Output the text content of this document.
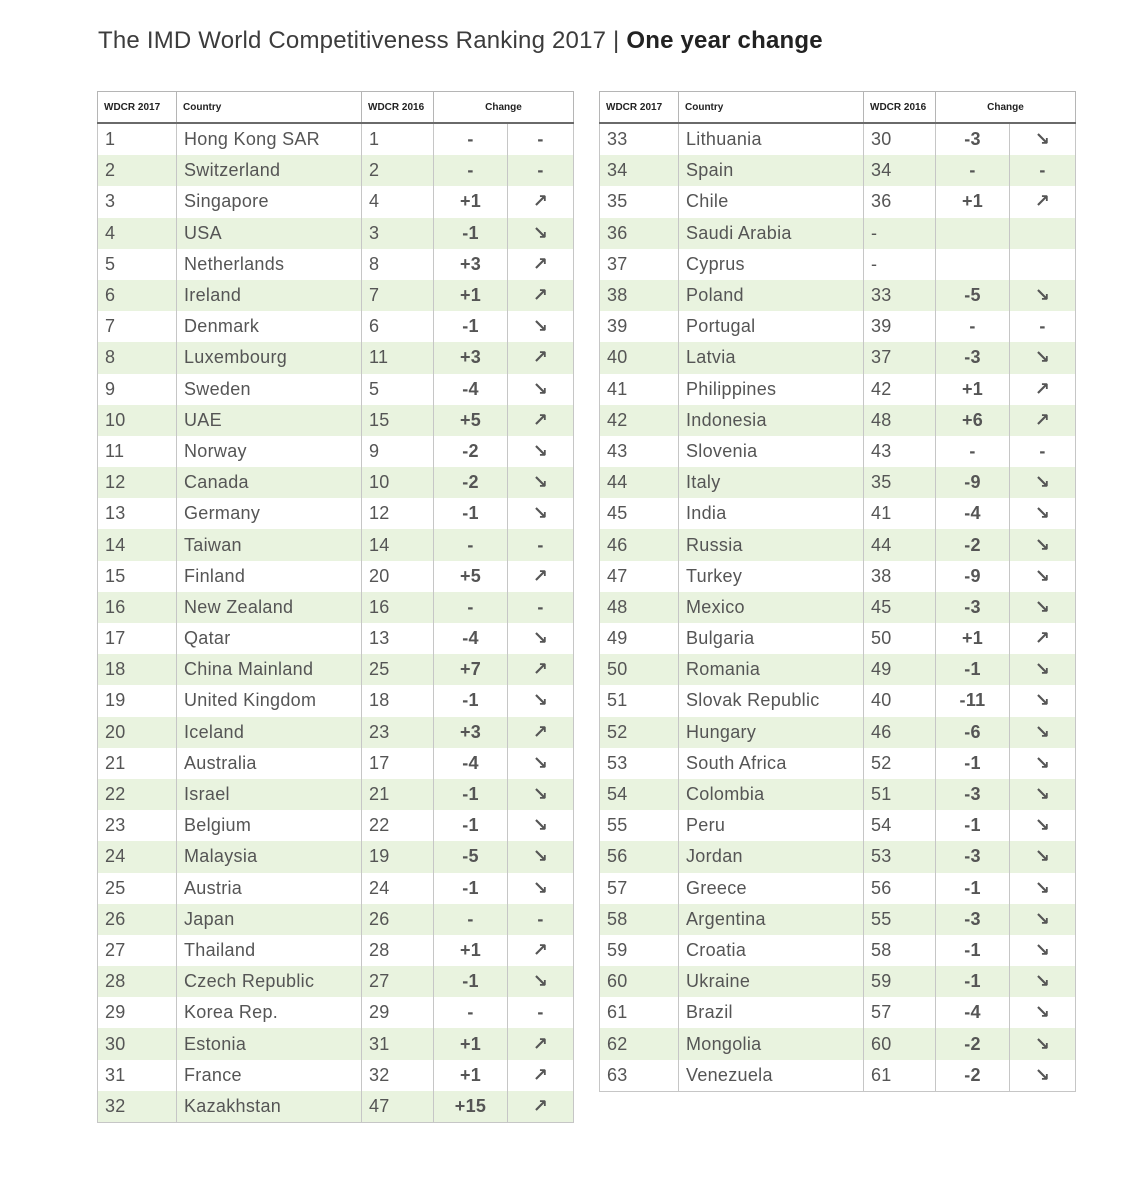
The IMD World Competitiveness Ranking 2017 | One year change
WDCR 2017	Country	WDCR 2016	Change	
1	Hong Kong SAR	1	-	-
2	Switzerland	2	-	-
3	Singapore	4	+1	↗
4	USA	3	-1	↘
5	Netherlands	8	+3	↗
6	Ireland	7	+1	↗
7	Denmark	6	-1	↘
8	Luxembourg	11	+3	↗
9	Sweden	5	-4	↘
10	UAE	15	+5	↗
11	Norway	9	-2	↘
12	Canada	10	-2	↘
13	Germany	12	-1	↘
14	Taiwan	14	-	-
15	Finland	20	+5	↗
16	New Zealand	16	-	-
17	Qatar	13	-4	↘
18	China Mainland	25	+7	↗
19	United Kingdom	18	-1	↘
20	Iceland	23	+3	↗
21	Australia	17	-4	↘
22	Israel	21	-1	↘
23	Belgium	22	-1	↘
24	Malaysia	19	-5	↘
25	Austria	24	-1	↘
26	Japan	26	-	-
27	Thailand	28	+1	↗
28	Czech Republic	27	-1	↘
29	Korea Rep.	29	-	-
30	Estonia	31	+1	↗
31	France	32	+1	↗
32	Kazakhstan	47	+15	↗
WDCR 2017	Country	WDCR 2016	Change	
33	Lithuania	30	-3	↘
34	Spain	34	-	-
35	Chile	36	+1	↗
36	Saudi Arabia	-		
37	Cyprus	-		
38	Poland	33	-5	↘
39	Portugal	39	-	-
40	Latvia	37	-3	↘
41	Philippines	42	+1	↗
42	Indonesia	48	+6	↗
43	Slovenia	43	-	-
44	Italy	35	-9	↘
45	India	41	-4	↘
46	Russia	44	-2	↘
47	Turkey	38	-9	↘
48	Mexico	45	-3	↘
49	Bulgaria	50	+1	↗
50	Romania	49	-1	↘
51	Slovak Republic	40	-11	↘
52	Hungary	46	-6	↘
53	South Africa	52	-1	↘
54	Colombia	51	-3	↘
55	Peru	54	-1	↘
56	Jordan	53	-3	↘
57	Greece	56	-1	↘
58	Argentina	55	-3	↘
59	Croatia	58	-1	↘
60	Ukraine	59	-1	↘
61	Brazil	57	-4	↘
62	Mongolia	60	-2	↘
63	Venezuela	61	-2	↘
